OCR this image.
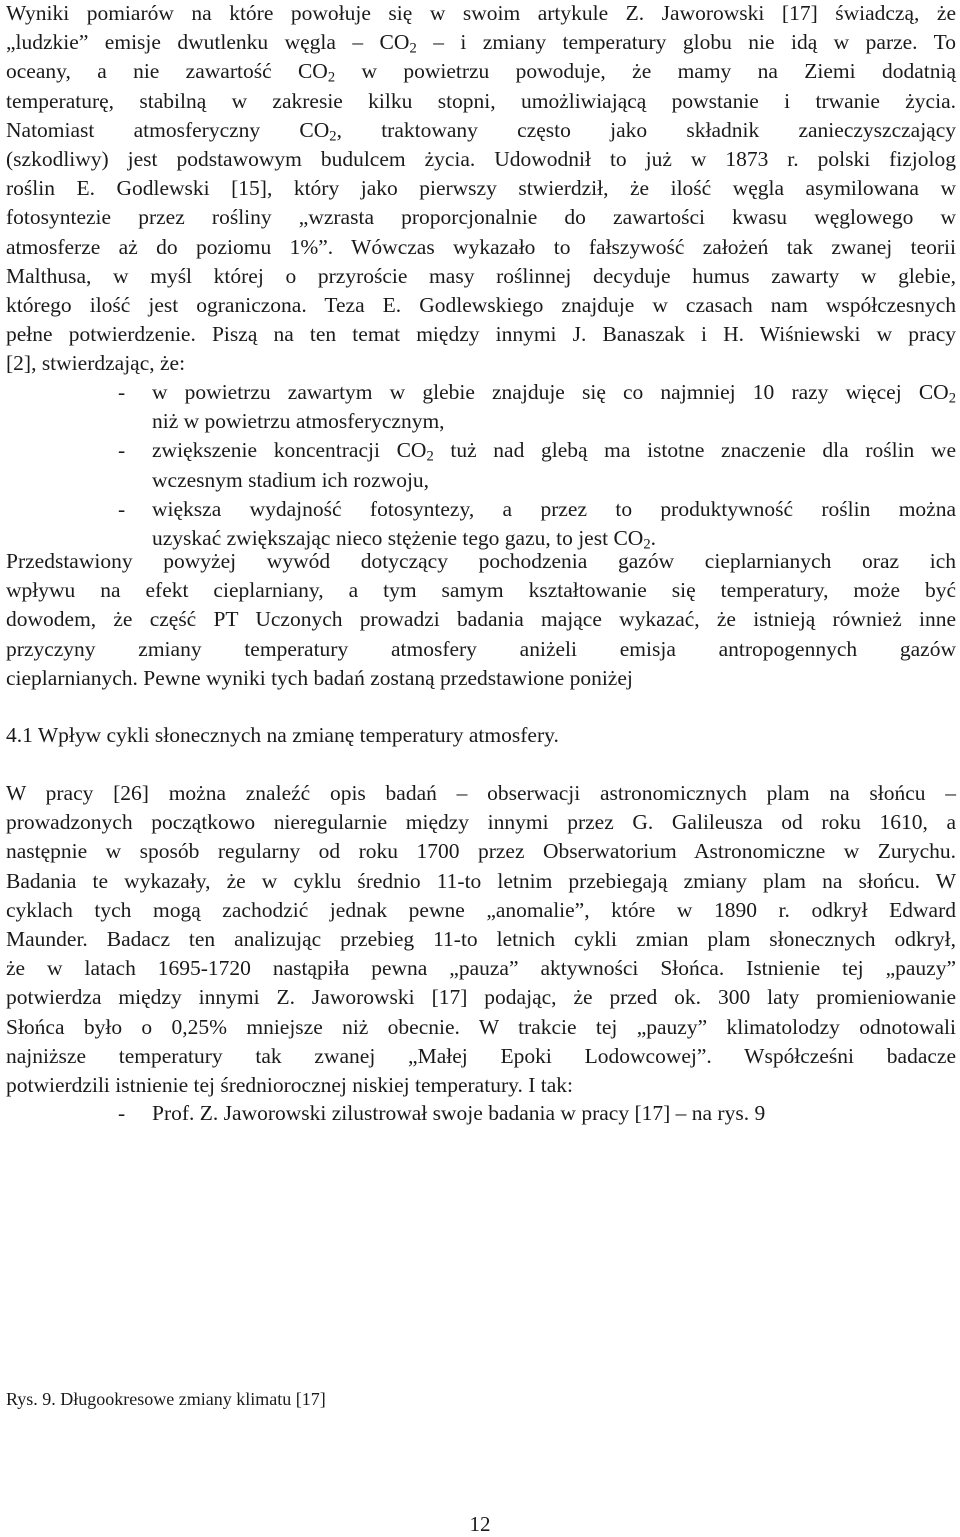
Wyniki pomiarów na które powołuje się w swoim artykule Z. Jaworowski [17] świadczą, że
„ludzkie” emisje dwutlenku węgla – $CO_2$ – i zmiany temperatury globu nie idą w parze. To
oceany, a nie zawartość $CO_2$ w powietrzu powoduje, że mamy na Ziemi dodatnią
temperaturę, stabilną w zakresie kilku stopni, umożliwiającą powstanie i trwanie życia.
Natomiast atmosferyczny $CO_2$, traktowany często jako składnik zanieczyszczający
(szkodliwy) jest podstawowym budulcem życia. Udowodnił to już w 1873 r. polski fizjolog
roślin E. Godlewski [15], który jako pierwszy stwierdził, że ilość węgla asymilowana w
fotosyntezie przez rośliny „wzrasta proporcjonalnie do zawartości kwasu węglowego w
atmosferze aż do poziomu 1%”. Wówczas wykazało to fałszywość założeń tak zwanej teorii
Malthusa, w myśl której o przyroście masy roślinnej decyduje humus zawarty w glebie,
którego ilość jest ograniczona. Teza E. Godlewskiego znajduje w czasach nam współczesnych
pełne potwierdzenie. Piszą na ten temat między innymi J. Banaszak i H. Wiśniewski w pracy
[2], stwierdzając, że:
- w powietrzu zawartym w glebie znajduje się co najmniej 10 razy więcej $CO_2$
niż w powietrzu atmosferycznym,
- zwiększenie koncentracji $CO_2$ tuż nad glebą ma istotne znaczenie dla roślin we
wczesnym stadium ich rozwoju,
- większa wydajność fotosyntezy, a przez to produktywność roślin można
uzyskać zwiększając nieco stężenie tego gazu, to jest $CO_2$.
Przedstawiony powyżej wywód dotyczący pochodzenia gazów cieplarnianych oraz ich
wpływu na efekt cieplarniany, a tym samym kształtowanie się temperatury, może być
dowodem, że część PT Uczonych prowadzi badania mające wykazać, że istnieją również inne
przyczyny zmiany temperatury atmosfery aniżeli emisja antropogennych gazów
cieplarnianych. Pewne wyniki tych badań zostaną przedstawione poniżej
4.1 Wpływ cykli słonecznych na zmianę temperatury atmosfery.
W pracy [26] można znaleźć opis badań – obserwacji astronomicznych plam na słońcu –
prowadzonych początkowo nieregularnie między innymi przez G. Galileusza od roku 1610, a
następnie w sposób regularny od roku 1700 przez Obserwatorium Astronomiczne w Zurychu.
Badania te wykazały, że w cyklu średnio 11-to letnim przebiegają zmiany plam na słońcu. W
cyklach tych mogą zachodzić jednak pewne „anomalie”, które w 1890 r. odkrył Edward
Maunder. Badacz ten analizując przebieg 11-to letnich cykli zmian plam słonecznych odkrył,
że w latach 1695-1720 nastąpiła pewna „pauza” aktywności Słońca. Istnienie tej „pauzy”
potwierdza między innymi Z. Jaworowski [17] podając, że przed ok. 300 laty promieniowanie
Słońca było o 0,25% mniejsze niż obecnie. W trakcie tej „pauzy” klimatolodzy odnotowali
najniższe temperatury tak zwanej „Małej Epoki Lodowcowej”. Współcześni badacze
potwierdzili istnienie tej średniorocznej niskiej temperatury. I tak:
- Prof. Z. Jaworowski zilustrował swoje badania w pracy [17] – na rys. 9
Rys. 9. Długookresowe zmiany klimatu [17]
12
